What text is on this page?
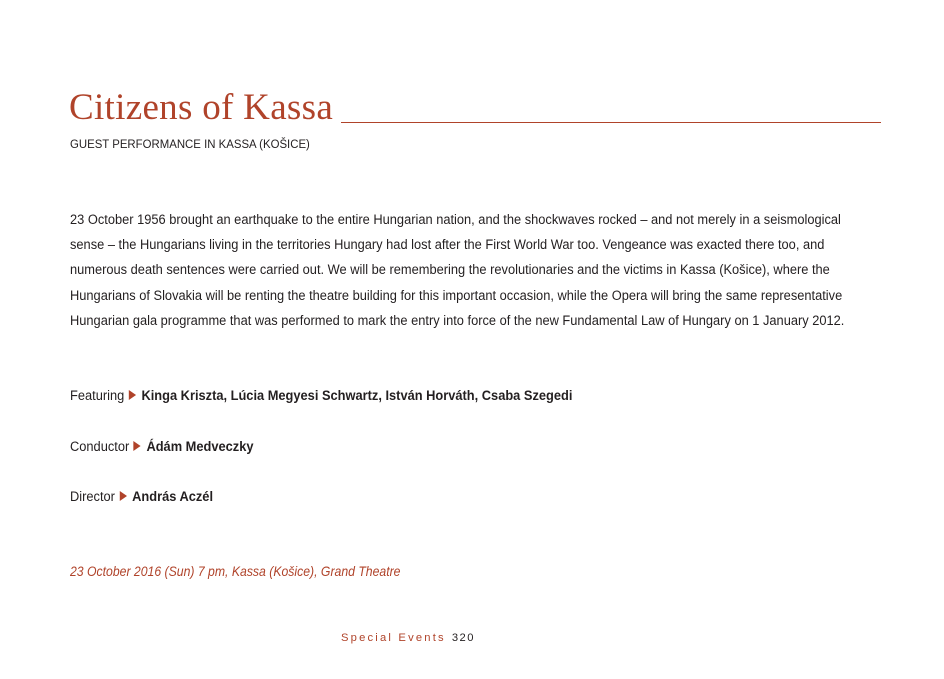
Citizens of Kassa
GUEST PERFORMANCE IN KASSA (KOŠICE)
23 October 1956 brought an earthquake to the entire Hungarian nation, and the shockwaves rocked – and not merely in a seismological sense – the Hungarians living in the territories Hungary had lost after the First World War too. Vengeance was exacted there too, and numerous death sentences were carried out. We will be remembering the revolutionaries and the victims in Kassa (Košice), where the Hungarians of Slovakia will be renting the theatre building for this important occasion, while the Opera will bring the same representative Hungarian gala programme that was performed to mark the entry into force of the new Fundamental Law of Hungary on 1 January 2012.
Featuring Kinga Kriszta, Lúcia Megyesi Schwartz, István Horváth, Csaba Szegedi
Conductor Ádám Medveczky
Director András Aczél
23 October 2016 (Sun) 7 pm, Kassa (Košice), Grand Theatre
Special Events 320
